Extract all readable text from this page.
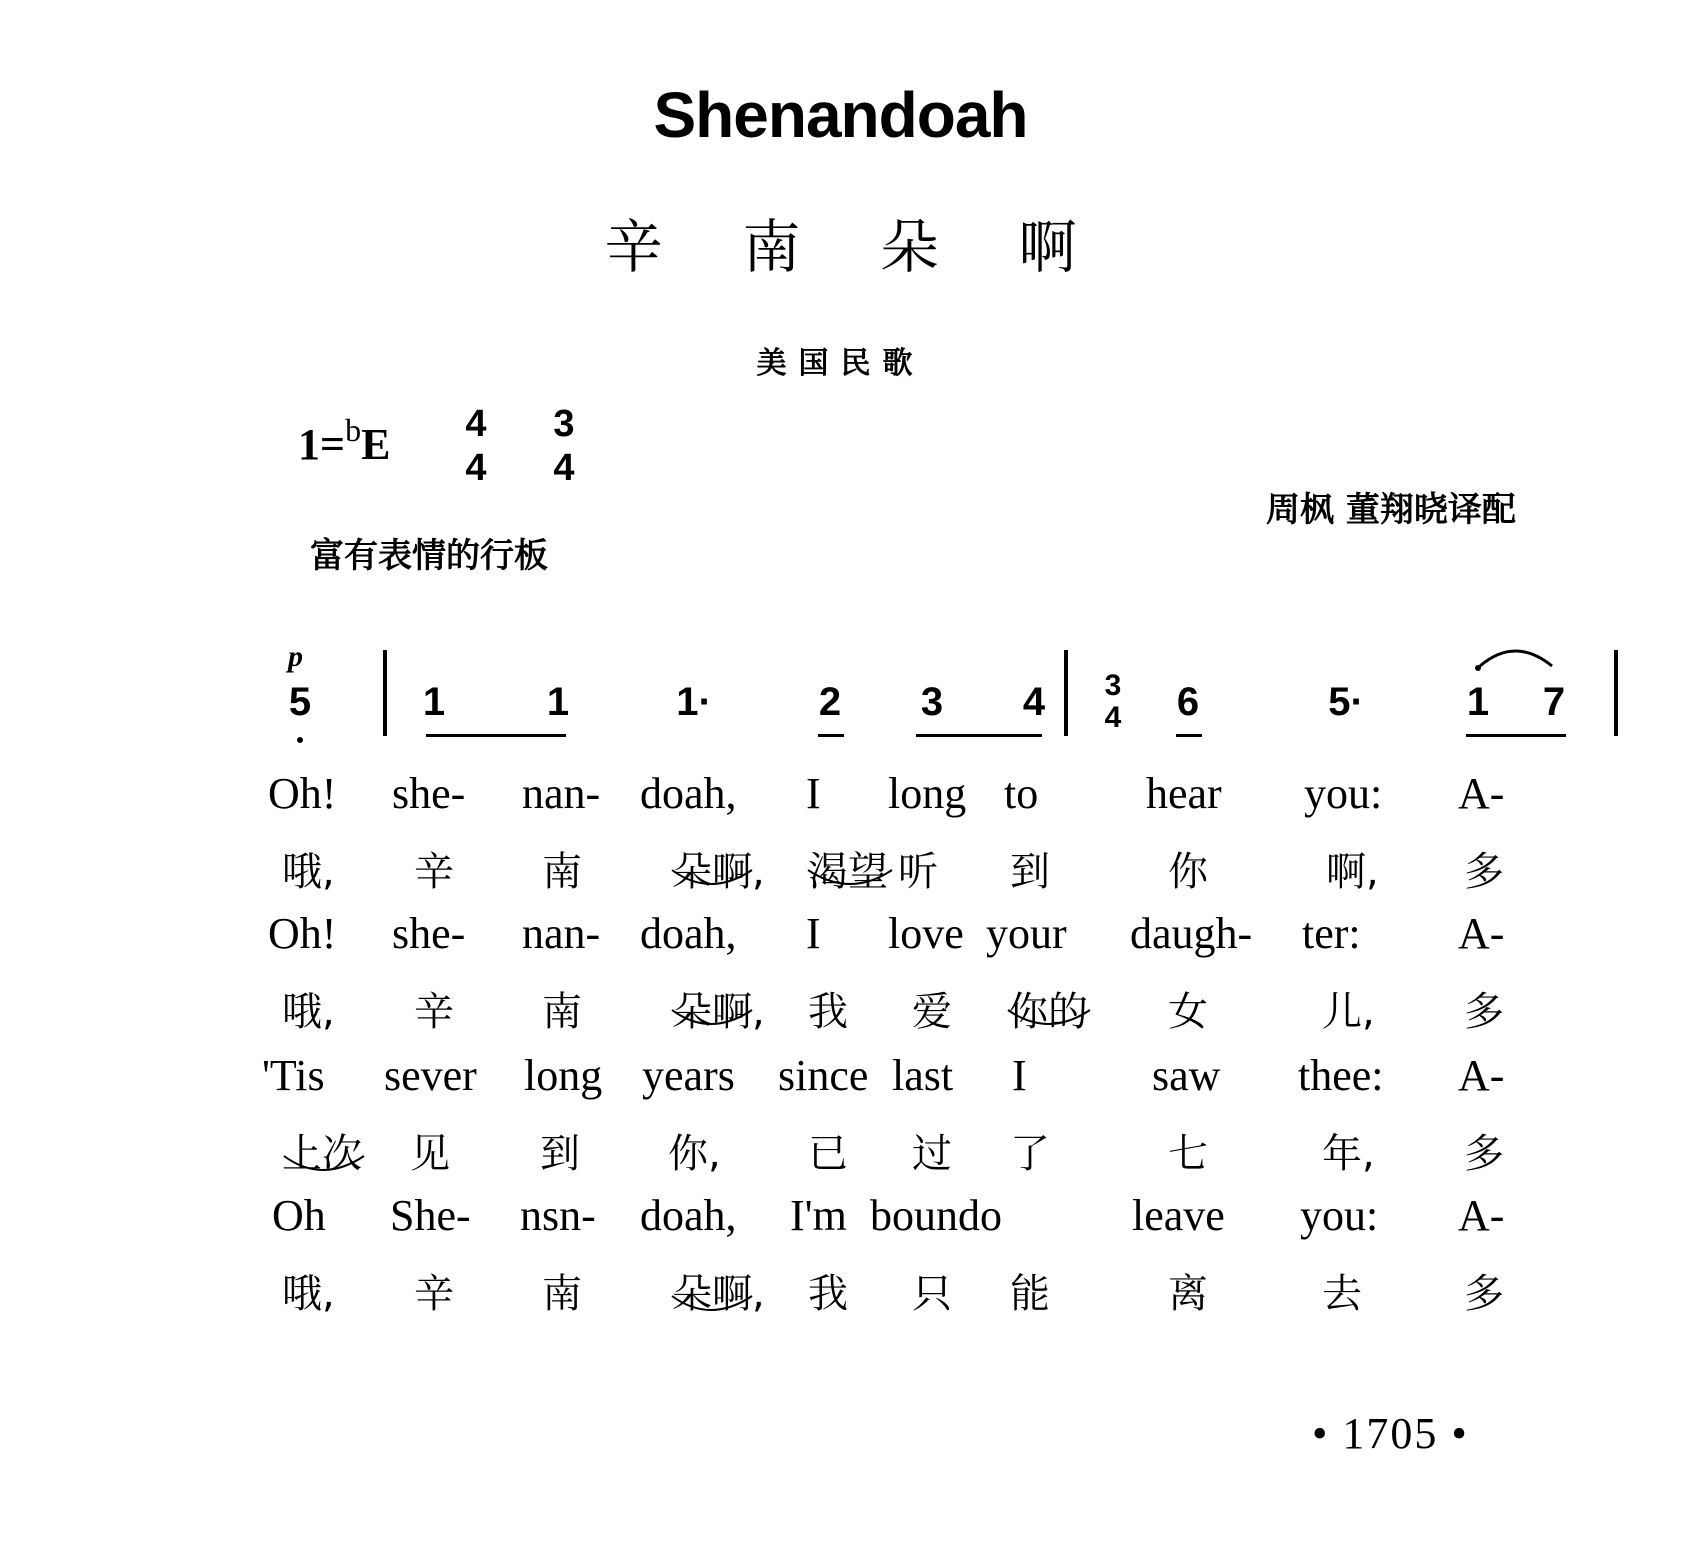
Shenandoah
辛南朵啊
美国民歌
1=$^b$E 4
4
3
4
周枫 董翔晓译配
富有表情的行板
p
5	1	1	1·	2 3 4	3
4 6	5·	1 7
Oh! she- nan- doah, I long to hear you: A-
哦, 辛 南 朵啊, 渴望 听 到	你	啊, 多
Oh! she- nan- doah, I love your daugh- ter: A-
哦, 辛 南 朵啊, 我 爱 你的 女	儿, 多
'Tis sever long years since last I	saw thee: A-
上次 见 到 你, 已 过 了	七	年, 多
Oh She- nsn- doah, I'm boundo	leave you: A-
哦, 辛 南 朵啊, 我 只 能	离	去	多
• 1705 •
